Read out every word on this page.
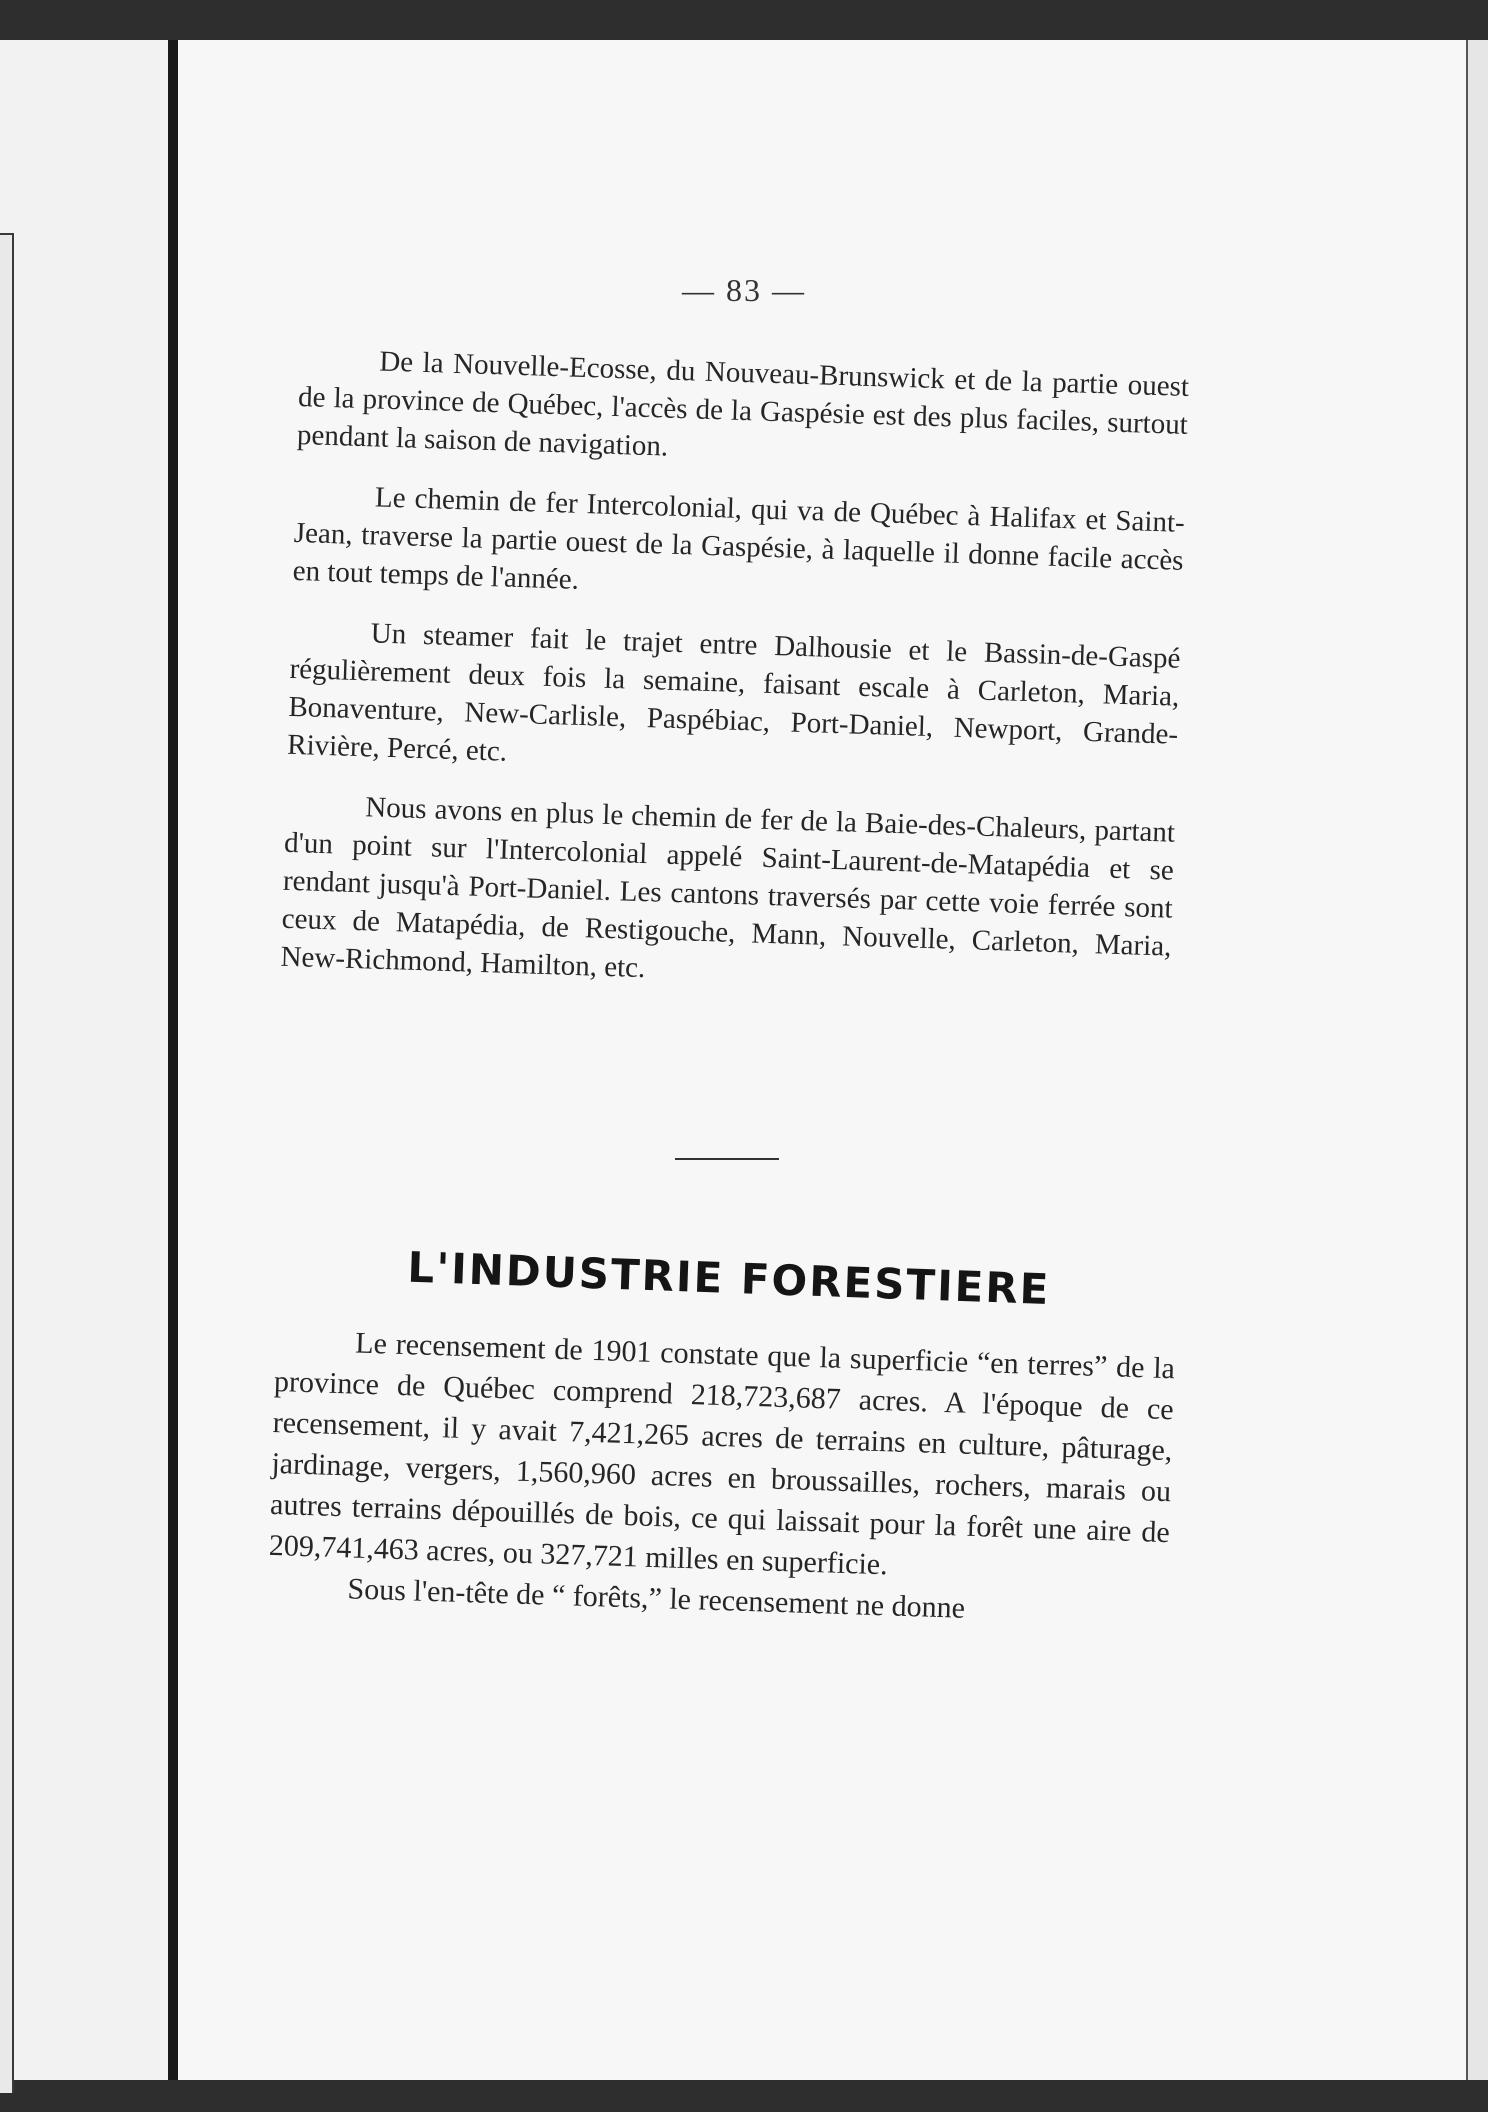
— 83 —

De la Nouvelle-Ecosse, du Nouveau-Brunswick et de la partie ouest de la province de Québec, l'accès de la Gaspésie est des plus faciles, surtout pendant la saison de navigation.

Le chemin de fer Intercolonial, qui va de Québec à Halifax et Saint-Jean, traverse la partie ouest de la Gaspésie, à laquelle il donne facile accès en tout temps de l'année.

Un steamer fait le trajet entre Dalhousie et le Bassin-de-Gaspé régulièrement deux fois la semaine, faisant escale à Carleton, Maria, Bonaventure, New-Carlisle, Paspébiac, Port-Daniel, Newport, Grande-Rivière, Percé, etc.

Nous avons en plus le chemin de fer de la Baie-des-Chaleurs, partant d'un point sur l'Intercolonial appelé Saint-Laurent-de-Matapédia et se rendant jusqu'à Port-Daniel. Les cantons traversés par cette voie ferrée sont ceux de Matapédia, de Restigouche, Mann, Nouvelle, Carleton, Maria, New-Richmond, Hamilton, etc.

L'INDUSTRIE FORESTIERE

Le recensement de 1901 constate que la superficie “en terres” de la province de Québec comprend 218,723,687 acres. A l'époque de ce recensement, il y avait 7,421,265 acres de terrains en culture, pâturage, jardinage, vergers, 1,560,960 acres en broussailles, rochers, marais ou autres terrains dépouillés de bois, ce qui laissait pour la forêt une aire de 209,741,463 acres, ou 327,721 milles en superficie.

Sous l'en-tête de “ forêts,” le recensement ne donne
